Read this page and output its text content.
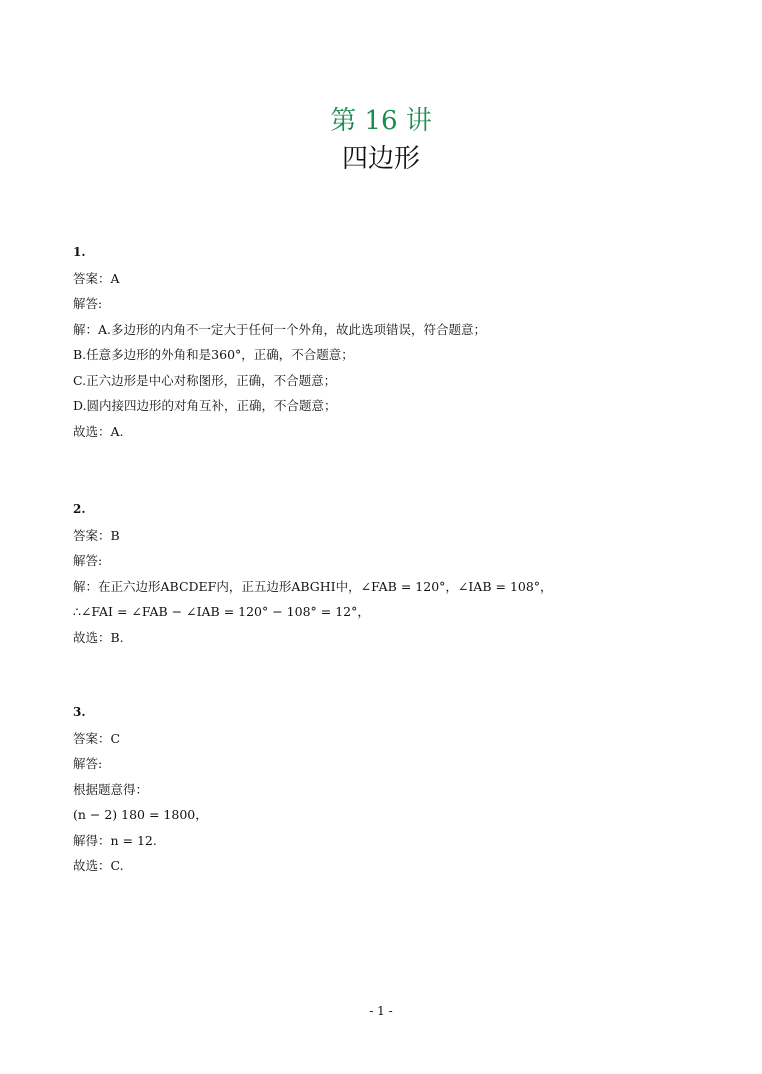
第 16 讲
四边形
1.
答案：A
解答:
解：A.多边形的内角不一定大于任何一个外角，故此选项错误，符合题意；
B.任意多边形的外角和是360°，正确，不合题意；
C.正六边形是中心对称图形，正确，不合题意；
D.圆内接四边形的对角互补，正确，不合题意；
故选：A.
2.
答案：B
解答:
解：在正六边形ABCDEF内，正五边形ABGHI中，∠FAB = 120°，∠IAB = 108°，
∴∠FAI = ∠FAB − ∠IAB = 120° − 108° = 12°，
故选：B.
3.
答案：C
解答:
根据题意得：
(n − 2) 180 = 1800，
解得：n = 12.
故选：C.
- 1 -
